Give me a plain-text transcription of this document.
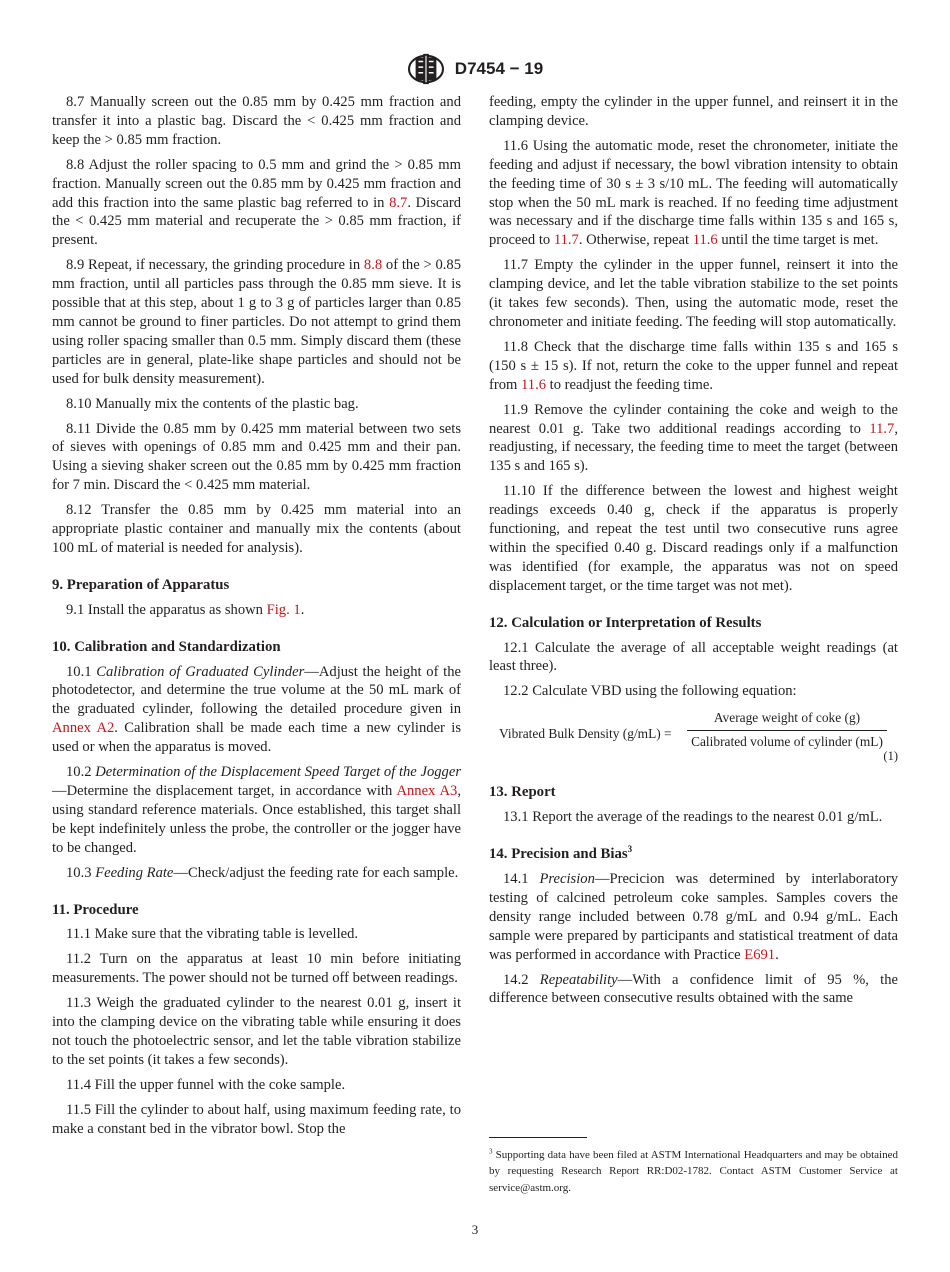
D7454 − 19

8.7 Manually screen out the 0.85 mm by 0.425 mm fraction and transfer it into a plastic bag. Discard the < 0.425 mm fraction and keep the > 0.85 mm fraction.

8.8 Adjust the roller spacing to 0.5 mm and grind the > 0.85 mm fraction. Manually screen out the 0.85 mm by 0.425 mm fraction and add this fraction into the same plastic bag referred to in 8.7. Discard the < 0.425 mm material and recuperate the > 0.85 mm fraction, if present.

8.9 Repeat, if necessary, the grinding procedure in 8.8 of the > 0.85 mm fraction, until all particles pass through the 0.85 mm sieve. It is possible that at this step, about 1 g to 3 g of particles larger than 0.85 mm cannot be ground to finer particles. Do not attempt to grind them using roller spacing smaller than 0.5 mm. Simply discard them (these particles are in general, plate-like shape particles and should not be used for bulk density measurement).

8.10 Manually mix the contents of the plastic bag.

8.11 Divide the 0.85 mm by 0.425 mm material between two sets of sieves with openings of 0.85 mm and 0.425 mm and their pan. Using a sieving shaker screen out the 0.85 mm by 0.425 mm fraction for 7 min. Discard the < 0.425 mm material.

8.12 Transfer the 0.85 mm by 0.425 mm material into an appropriate plastic container and manually mix the contents (about 100 mL of material is needed for analysis).

9. Preparation of Apparatus

9.1 Install the apparatus as shown Fig. 1.

10. Calibration and Standardization

10.1 Calibration of Graduated Cylinder—Adjust the height of the photodetector, and determine the true volume at the 50 mL mark of the graduated cylinder, following the detailed procedure given in Annex A2. Calibration shall be made each time a new cylinder is used or when the apparatus is moved.

10.2 Determination of the Displacement Speed Target of the Jogger—Determine the displacement target, in accordance with Annex A3, using standard reference materials. Once established, this target shall be kept indefinitely unless the probe, the controller or the jogger have to be changed.

10.3 Feeding Rate—Check/adjust the feeding rate for each sample.

11. Procedure

11.1 Make sure that the vibrating table is levelled.

11.2 Turn on the apparatus at least 10 min before initiating measurements. The power should not be turned off between readings.

11.3 Weigh the graduated cylinder to the nearest 0.01 g, insert it into the clamping device on the vibrating table while ensuring it does not touch the photoelectric sensor, and let the table vibration stabilize to the set points (it takes a few seconds).

11.4 Fill the upper funnel with the coke sample.

11.5 Fill the cylinder to about half, using maximum feeding rate, to make a constant bed in the vibrator bowl. Stop the

feeding, empty the cylinder in the upper funnel, and reinsert it in the clamping device.

11.6 Using the automatic mode, reset the chronometer, initiate the feeding and adjust if necessary, the bowl vibration intensity to obtain the feeding time of 30 s ± 3 s/10 mL. The feeding will automatically stop when the 50 mL mark is reached. If no feeding time adjustment was necessary and if the discharge time falls within 135 s and 165 s, proceed to 11.7. Otherwise, repeat 11.6 until the time target is met.

11.7 Empty the cylinder in the upper funnel, reinsert it into the clamping device, and let the table vibration stabilize to the set points (it takes few seconds). Then, using the automatic mode, reset the chronometer and initiate feeding. The feeding will stop automatically.

11.8 Check that the discharge time falls within 135 s and 165 s (150 s ± 15 s). If not, return the coke to the upper funnel and repeat from 11.6 to readjust the feeding time.

11.9 Remove the cylinder containing the coke and weigh to the nearest 0.01 g. Take two additional readings according to 11.7, readjusting, if necessary, the feeding time to meet the target (between 135 s and 165 s).

11.10 If the difference between the lowest and highest weight readings exceeds 0.40 g, check if the apparatus is properly functioning, and repeat the test until two consecutive runs agree within the specified 0.40 g. Discard readings only if a malfunction was identified (for example, the apparatus was not on speed displacement target, or the time target was not met).

12. Calculation or Interpretation of Results

12.1 Calculate the average of all acceptable weight readings (at least three).

12.2 Calculate VBD using the following equation:

Vibrated Bulk Density (g/mL) =
Average weight of coke (g)
Calibrated volume of cylinder (mL)
(1)
13. Report

13.1 Report the average of the readings to the nearest 0.01 g/mL.

14. Precision and Bias$^3$

14.1 Precision—Precicion was determined by interlaboratory testing of calcined petroleum coke samples. Samples covers the density range included between 0.78 g/mL and 0.94 g/mL. Each sample were prepared by participants and statistical treatment of data was performed in accordance with Practice E691.

14.2 Repeatability—With a confidence limit of 95 %, the difference between consecutive results obtained with the same

$^3$ Supporting data have been filed at ASTM International Headquarters and may be obtained by requesting Research Report RR:D02-1782. Contact ASTM Customer Service at service@astm.org.
3
